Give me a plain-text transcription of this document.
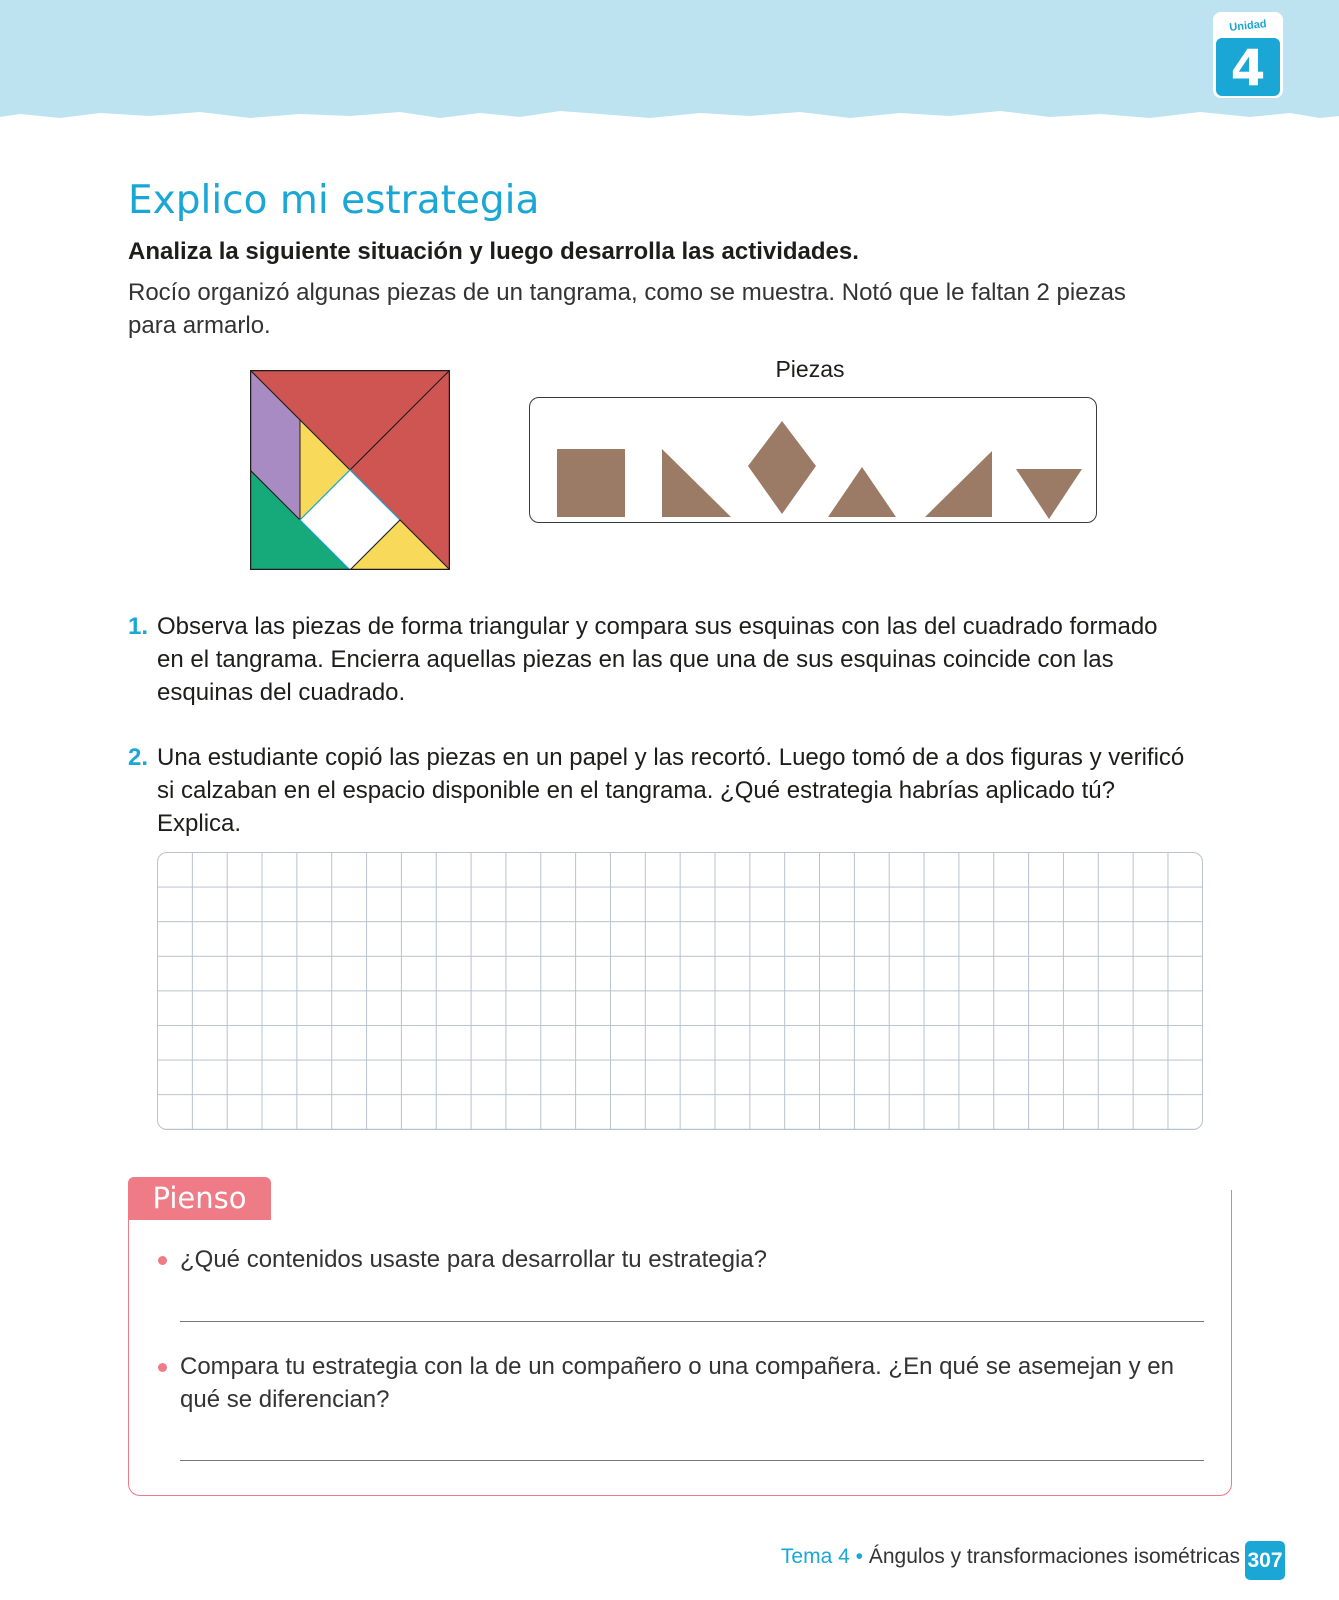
Unidad
4
Explico mi estrategia

Analiza la siguiente situación y luego desarrolla las actividades.

Rocío organizó algunas piezas de un tangrama, como se muestra. Notó que le faltan 2 piezas para armarlo.

Piezas
1. Observa las piezas de forma triangular y compara sus esquinas con las del cuadrado formado en el tangrama. Encierra aquellas piezas en las que una de sus esquinas coincide con las esquinas del cuadrado.
2. Una estudiante copió las piezas en un papel y las recortó. Luego tomó de a dos figuras y verificó si calzaban en el espacio disponible en el tangrama. ¿Qué estrategia habrías aplicado tú? Explica.
Pienso
¿Qué contenidos usaste para desarrollar tu estrategia?
Compara tu estrategia con la de un compañero o una compañera. ¿En qué se asemejan y en qué se diferencian?
Tema 4 • Ángulos y transformaciones isométricas 307
